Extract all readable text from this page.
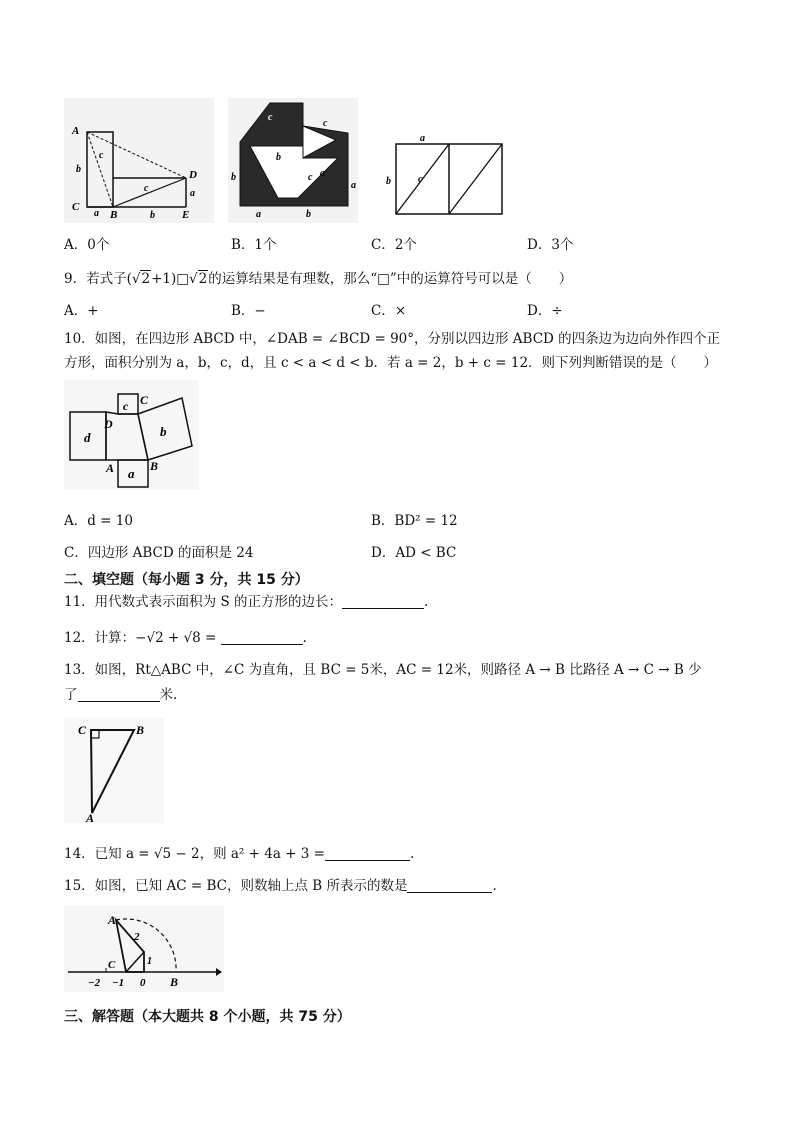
A
C
B
D
E
a
b
c
c
b
a
c
c
b
b
a	b
a
c a
a
b	c
A．0个	B．1个	C．2个	D．3个
9．若式子(√2+1)□√2的运算结果是有理数，那么“□”中的运算符号可以是（　　）
A．+	B．−	C．×	D．÷
10．如图，在四边形 ABCD 中，∠DAB = ∠BCD = 90°，分别以四边形 ABCD 的四条边为边向外作四个正
方形，面积分别为 a，b，c，d，且 c < a < d < b．若 a = 2，b + c = 12．则下列判断错误的是（　　）
c C
D
d	b
A	B
a
A．d = 10	B．BD² = 12
C．四边形 ABCD 的面积是 24	D．AD < BC
二、填空题（每小题 3 分，共 15 分）
11．用代数式表示面积为 S 的正方形的边长：	.
12．计算：−√2 + √8 =	.
13．如图，Rt△ABC 中，∠C 为直角，且 BC = 5米，AC = 12米，则路径 A → B 比路径 A → C → B 少
了	米.
C	B
A
14．已知 a = √5 − 2，则 a² + 4a + 3 =	.
15．如图，已知 AC = BC，则数轴上点 B 所表示的数是	.
A
2
1
C
B
−2 −1 0
三、解答题（本大题共 8 个小题，共 75 分）
